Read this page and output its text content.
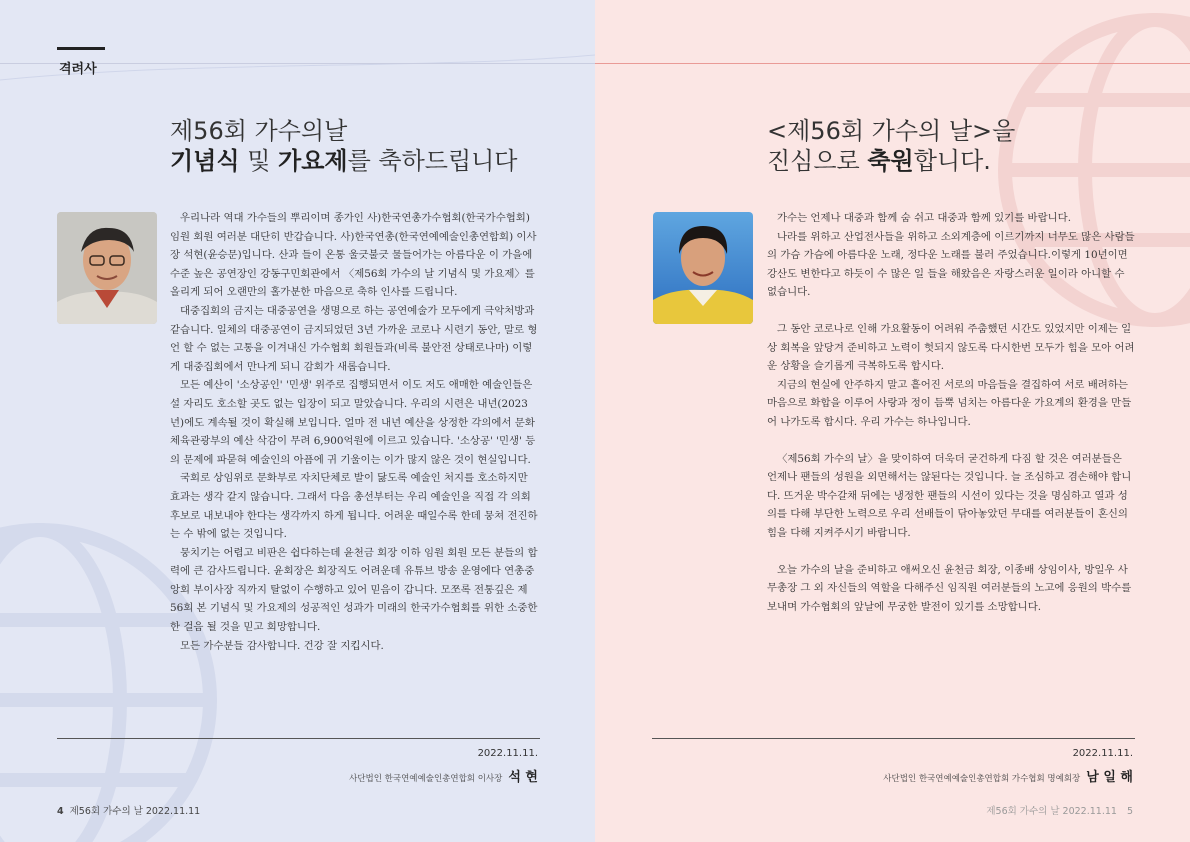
격려사
제56회 가수의날
기념식 및 가요제를 축하드립니다

우리나라 역대 가수들의 뿌리이며 종가인 사)한국연총가수협회(한국가수협회) 임원 회원 여러분 대단히 반갑습니다. 사)한국연총(한국연예예술인총연합회) 이사장 석현(윤승문)입니다. 산과 들이 온통 울긋불긋 물들어가는 아름다운 이 가을에 수준 높은 공연장인 강동구민회관에서 〈제56회 가수의 날 기념식 및 가요제〉를 올리게 되어 오랜만의 홀가분한 마음으로 축하 인사를 드립니다.

대중집회의 금지는 대중공연을 생명으로 하는 공연예술가 모두에게 극악처방과 같습니다. 일체의 대중공연이 금지되었던 3년 가까운 코로나 시련기 동안, 말로 형언 할 수 없는 고통을 이겨내신 가수협회 회원들과(비록 불안전 상태로나마) 이렇게 대중집회에서 만나게 되니 감회가 새롭습니다.

모든 예산이 '소상공인' '민생' 위주로 집행되면서 이도 저도 애매한 예술인들은 설 자리도 호소할 곳도 없는 입장이 되고 말았습니다. 우리의 시련은 내년(2023년)에도 계속될 것이 확실해 보입니다. 얼마 전 내년 예산을 상정한 각의에서 문화체육관광부의 예산 삭감이 무려 6,900억원에 이르고 있습니다. '소상공' '민생' 등의 문제에 파묻혀 예술인의 아픔에 귀 기울이는 이가 많지 않은 것이 현실입니다.

국회로 상임위로 문화부로 자치단체로 발이 닳도록 예술인 처지를 호소하지만 효과는 생각 같지 않습니다. 그래서 다음 총선부터는 우리 예술인을 직접 각 의회 후보로 내보내야 한다는 생각까지 하게 됩니다. 어려운 때일수록 한데 뭉쳐 전진하는 수 밖에 없는 것입니다.

뭉치기는 어렵고 비판은 쉽다하는데 윤천금 회장 이하 임원 회원 모든 분들의 합력에 큰 감사드립니다. 윤회장은 회장직도 어려운데 유튜브 방송 운영에다 연총중앙회 부이사장 직까지 탈없이 수행하고 있어 믿음이 갑니다. 모쪼록 전통깊은 제56회 본 기념식 및 가요제의 성공적인 성과가 미래의 한국가수협회를 위한 소중한 한 걸음 될 것을 믿고 희망합니다.

모든 가수분들 감사합니다. 건강 잘 지킵시다.

2022.11.11.
사단법인 한국연예예술인총연합회 이사장 석 현
4 제56회 가수의 날 2022.11.11
<제56회 가수의 날>을
진심으로 축원합니다.

가수는 언제나 대중과 함께 숨 쉬고 대중과 함께 있기를 바랍니다.

나라를 위하고 산업전사들을 위하고 소외계층에 이르기까지 너무도 많은 사람들의 가슴 가슴에 아름다운 노래, 정다운 노래를 불러 주었습니다.이렇게 10년이면 강산도 변한다고 하듯이 수 많은 일 들을 해왔음은 자랑스러운 일이라 아니할 수 없습니다.

그 동안 코로나로 인해 가요활동이 어려워 주춤했던 시간도 있었지만 이제는 일상 회복을 앞당겨 준비하고 노력이 헛되지 않도록 다시한번 모두가 힘을 모아 어려운 상황을 슬기롭게 극복하도록 합시다.

지금의 현실에 안주하지 말고 흩어진 서로의 마음들을 결집하여 서로 배려하는 마음으로 화합을 이루어 사랑과 정이 듬뿍 넘치는 아름다운 가요계의 환경을 만들어 나가도록 합시다. 우리 가수는 하나입니다.

〈제56회 가수의 날〉을 맞이하여 더욱더 굳건하게 다짐 할 것은 여러분들은 언제나 팬들의 성원을 외면해서는 않된다는 것입니다. 늘 조심하고 겸손해야 합니다. 뜨거운 박수갈채 뒤에는 냉정한 팬들의 시선이 있다는 것을 명심하고 열과 성의를 다해 부단한 노력으로 우리 선배들이 닦아놓았던 무대를 여러분들이 혼신의 힘을 다해 지켜주시기 바랍니다.

오늘 가수의 날을 준비하고 애써오신 윤천금 회장, 이종배 상임이사, 방일우 사무총장 그 외 자신들의 역할을 다해주신 임직원 여러분들의 노고에 응원의 박수를 보내며 가수협회의 앞날에 무궁한 발전이 있기를 소망합니다.

2022.11.11.
사단법인 한국연예예술인총연합회 가수협회 명예회장 남 일 해
제56회 가수의 날 2022.11.11 5
